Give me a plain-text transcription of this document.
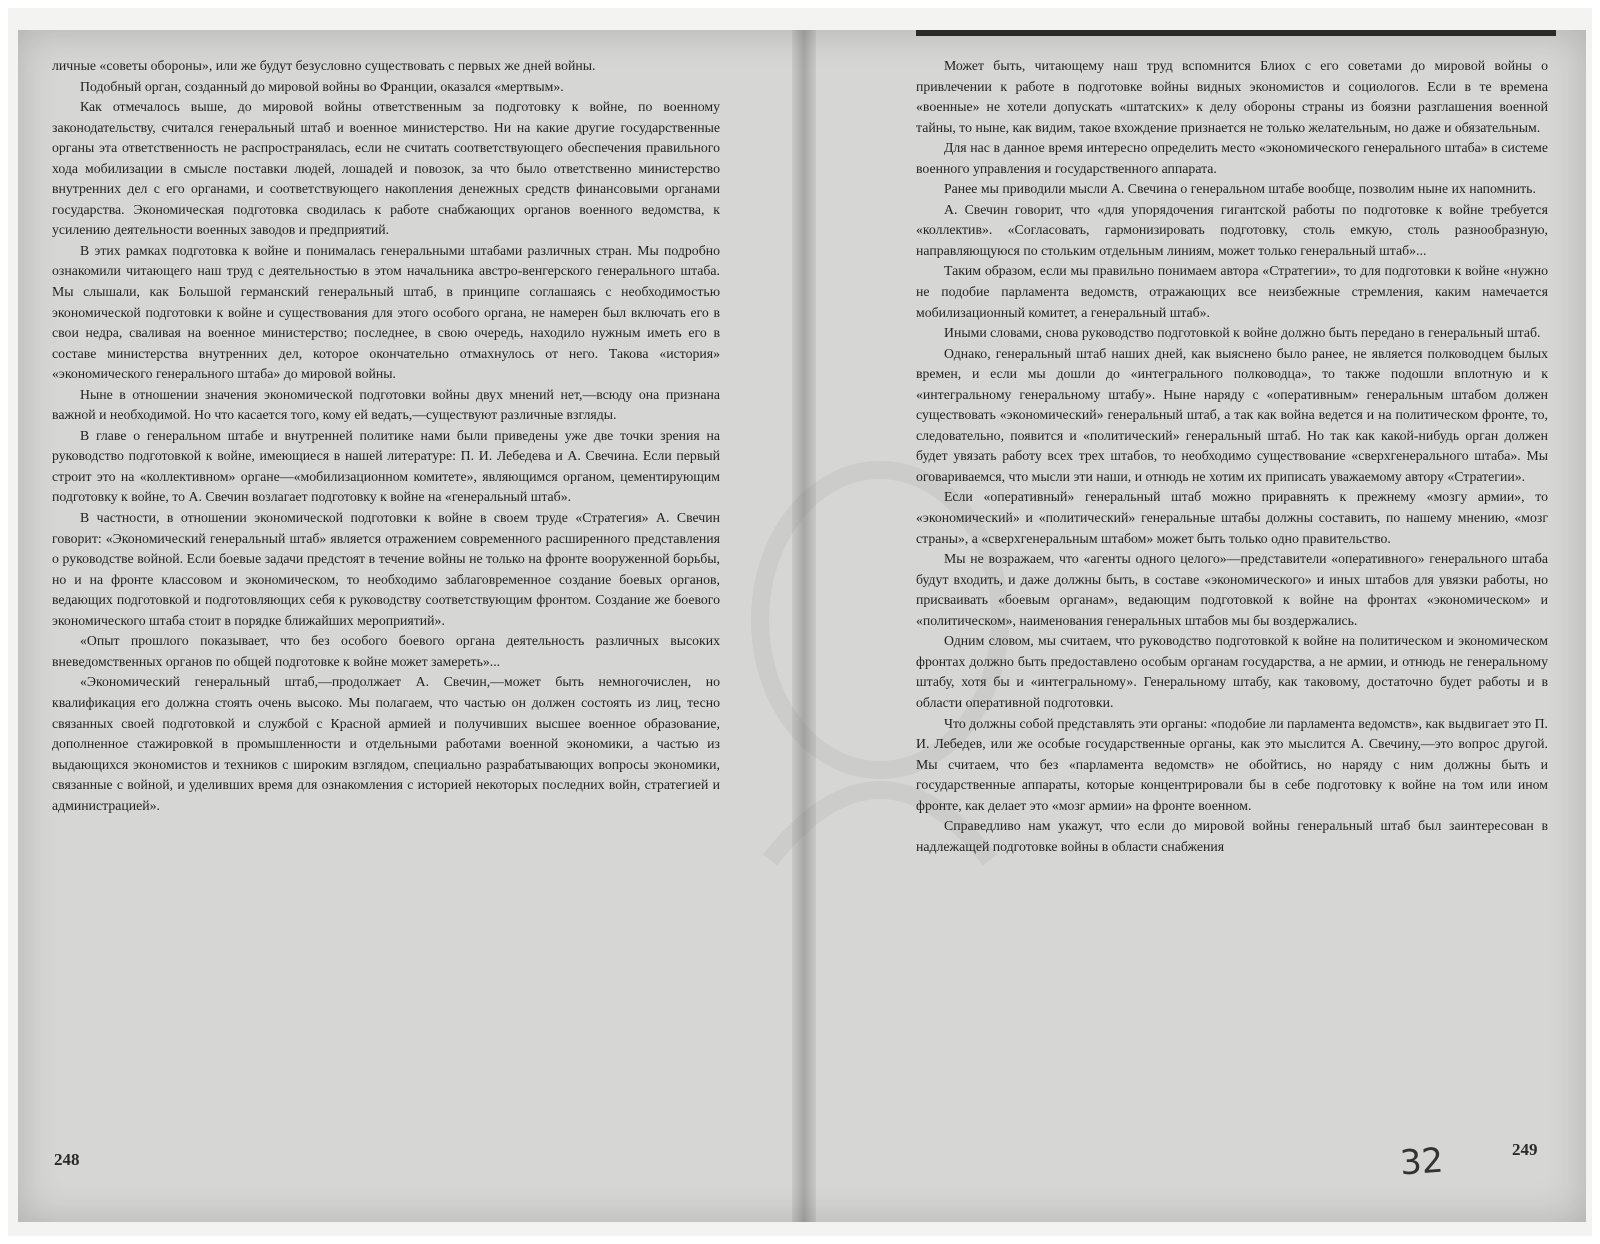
личные «советы обороны», или же будут безусловно существовать с первых же дней войны.

Подобный орган, созданный до мировой войны во Франции, оказался «мертвым».

Как отмечалось выше, до мировой войны ответственным за подготовку к войне, по военному законодательству, считался генеральный штаб и военное министерство. Ни на какие другие государственные органы эта ответственность не распространялась, если не считать соответствующего обеспечения правильного хода мобилизации в смысле поставки людей, лошадей и повозок, за что было ответственно министерство внутренних дел с его органами, и соответствующего накопления денежных средств финансовыми органами государства. Экономическая подготовка сводилась к работе снабжающих органов военного ведомства, к усилению деятельности военных заводов и предприятий.

В этих рамках подготовка к войне и понималась генеральными штабами различных стран. Мы подробно ознакомили читающего наш труд с деятельностью в этом начальника австро-венгерского генерального штаба. Мы слышали, как Большой германский генеральный штаб, в принципе соглашаясь с необходимостью экономической подготовки к войне и существования для этого особого органа, не намерен был включать его в свои недра, сваливая на военное министерство; последнее, в свою очередь, находило нужным иметь его в составе министерства внутренних дел, которое окончательно отмахнулось от него. Такова «история» «экономического генерального штаба» до мировой войны.

Ныне в отношении значения экономической подготовки войны двух мнений нет,—всюду она признана важной и необходимой. Но что касается того, кому ей ведать,—существуют различные взгляды.

В главе о генеральном штабе и внутренней политике нами были приведены уже две точки зрения на руководство подготовкой к войне, имеющиеся в нашей литературе: П. И. Лебедева и А. Свечина. Если первый строит это на «коллективном» органе—«мобилизационном комитете», являющимся органом, цементирующим подготовку к войне, то А. Свечин возлагает подготовку к войне на «генеральный штаб».

В частности, в отношении экономической подготовки к войне в своем труде «Стратегия» А. Свечин говорит: «Экономический генеральный штаб» является отражением современного расширенного представления о руководстве войной. Если боевые задачи предстоят в течение войны не только на фронте вооруженной борьбы, но и на фронте классовом и экономическом, то необходимо заблаговременное создание боевых органов, ведающих подготовкой и подготовляющих себя к руководству соответствующим фронтом. Создание же боевого экономического штаба стоит в порядке ближайших мероприятий».

«Опыт прошлого показывает, что без особого боевого органа деятельность различных высоких вневедомственных органов по общей подготовке к войне может замереть»...

«Экономический генеральный штаб,—продолжает А. Свечин,—может быть немногочислен, но квалификация его должна стоять очень высоко. Мы полагаем, что частью он должен состоять из лиц, тесно связанных своей подготовкой и службой с Красной армией и получивших высшее военное образование, дополненное стажировкой в промышленности и отдельными работами военной экономики, а частью из выдающихся экономистов и техников с широким взглядом, специально разрабатывающих вопросы экономики, связанные с войной, и уделивших время для ознакомления с историей некоторых последних войн, стратегией и администрацией».

Может быть, читающему наш труд вспомнится Блиох с его советами до мировой войны о привлечении к работе в подготовке войны видных экономистов и социологов. Если в те времена «военные» не хотели допускать «штатских» к делу обороны страны из боязни разглашения военной тайны, то ныне, как видим, такое вхождение признается не только желательным, но даже и обязательным.

Для нас в данное время интересно определить место «экономического генерального штаба» в системе военного управления и государственного аппарата.

Ранее мы приводили мысли А. Свечина о генеральном штабе вообще, позволим ныне их напомнить.

А. Свечин говорит, что «для упорядочения гигантской работы по подготовке к войне требуется «коллектив». «Согласовать, гармонизировать подготовку, столь емкую, столь разнообразную, направляющуюся по стольким отдельным линиям, может только генеральный штаб»...

Таким образом, если мы правильно понимаем автора «Стратегии», то для подготовки к войне «нужно не подобие парламента ведомств, отражающих все неизбежные стремления, каким намечается мобилизационный комитет, а генеральный штаб».

Иными словами, снова руководство подготовкой к войне должно быть передано в генеральный штаб.

Однако, генеральный штаб наших дней, как выяснено было ранее, не является полководцем былых времен, и если мы дошли до «интегрального полководца», то также подошли вплотную и к «интегральному генеральному штабу». Ныне наряду с «оперативным» генеральным штабом должен существовать «экономический» генеральный штаб, а так как война ведется и на политическом фронте, то, следовательно, появится и «политический» генеральный штаб. Но так как какой-нибудь орган должен будет увязать работу всех трех штабов, то необходимо существование «сверхгенерального штаба». Мы оговариваемся, что мысли эти наши, и отнюдь не хотим их приписать уважаемому автору «Стратегии».

Если «оперативный» генеральный штаб можно приравнять к прежнему «мозгу армии», то «экономический» и «политический» генеральные штабы должны составить, по нашему мнению, «мозг страны», а «сверхгенеральным штабом» может быть только одно правительство.

Мы не возражаем, что «агенты одного целого»—представители «оперативного» генерального штаба будут входить, и даже должны быть, в составе «экономического» и иных штабов для увязки работы, но присваивать «боевым органам», ведающим подготовкой к войне на фронтах «экономическом» и «политическом», наименования генеральных штабов мы бы воздержались.

Одним словом, мы считаем, что руководство подготовкой к войне на политическом и экономическом фронтах должно быть предоставлено особым органам государства, а не армии, и отнюдь не генеральному штабу, хотя бы и «интегральному». Генеральному штабу, как таковому, достаточно будет работы и в области оперативной подготовки.

Что должны собой представлять эти органы: «подобие ли парламента ведомств», как выдвигает это П. И. Лебедев, или же особые государственные органы, как это мыслится А. Свечину,—это вопрос другой. Мы считаем, что без «парламента ведомств» не обойтись, но наряду с ним должны быть и государственные аппараты, которые концентрировали бы в себе подготовку к войне на том или ином фронте, как делает это «мозг армии» на фронте военном.

Справедливо нам укажут, что если до мировой войны генеральный штаб был заинтересован в надлежащей подготовке войны в области снабжения

248
249
32
